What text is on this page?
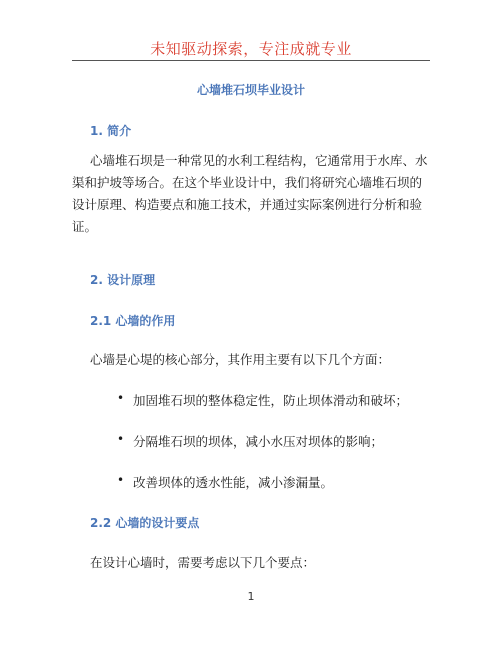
未知驱动探索，专注成就专业
心墙堆石坝毕业设计
1. 简介
心墙堆石坝是一种常见的水利工程结构，它通常用于水库、水渠和护坡等场合。在这个毕业设计中，我们将研究心墙堆石坝的设计原理、构造要点和施工技术，并通过实际案例进行分析和验证。
2. 设计原理
2.1 心墙的作用
心墙是心堤的核心部分，其作用主要有以下几个方面：
• 加固堆石坝的整体稳定性，防止坝体滑动和破坏；
• 分隔堆石坝的坝体，减小水压对坝体的影响；
• 改善坝体的透水性能，减小渗漏量。
2.2 心墙的设计要点
在设计心墙时，需要考虑以下几个要点：
1
